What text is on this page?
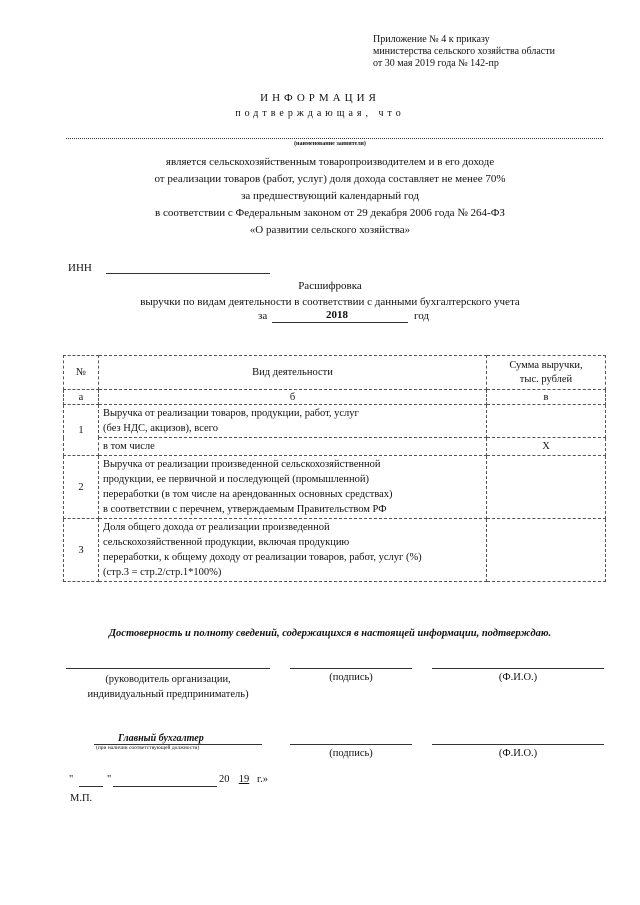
Приложение № 4 к приказу
министерства сельского хозяйства области
от 30 мая 2019 года № 142-пр
ИНФОРМАЦИЯ
подтверждающая, что
(наименование заявителя)
является сельскохозяйственным товаропроизводителем и в его доходе
от реализации товаров (работ, услуг) доля дохода составляет не менее 70%
за предшествующий календарный год
в соответствии с Федеральным законом от 29 декабря 2006 года № 264-ФЗ
«О развитии сельского хозяйства»
ИНН
Расшифровка
выручки по видам деятельности в соответствии с данными бухгалтерского учета
за	2018	год
№	Вид деятельности	Сумма выручки,
тыс. рублей

а	б	в
1	Выручка от реализации товаров, продукции, работ, услуг
(без НДС, акцизов), всего	

	в том числе	X
2	Выручка от реализации произведенной сельскохозяйственной
продукции, ее первичной и последующей (промышленной)
переработки (в том числе на арендованных основных средствах)
в соответствии с перечнем, утверждаемым Правительством РФ	

3	Доля общего дохода от реализации произведенной
сельскохозяйственной продукции, включая продукцию
переработки, к общему доходу от реализации товаров, работ, услуг (%)
(стр.3 = стр.2/стр.1*100%)	

Достоверность и полноту сведений, содержащихся в настоящей информации, подтверждаю.
(руководитель организации,
индивидуальный предприниматель)
(подпись)	(Ф.И.О.)
Главный бухгалтер
(при наличии соответствующей должности)	(подпись)	(Ф.И.О.)
"	"	20 19 г.»
М.П.
